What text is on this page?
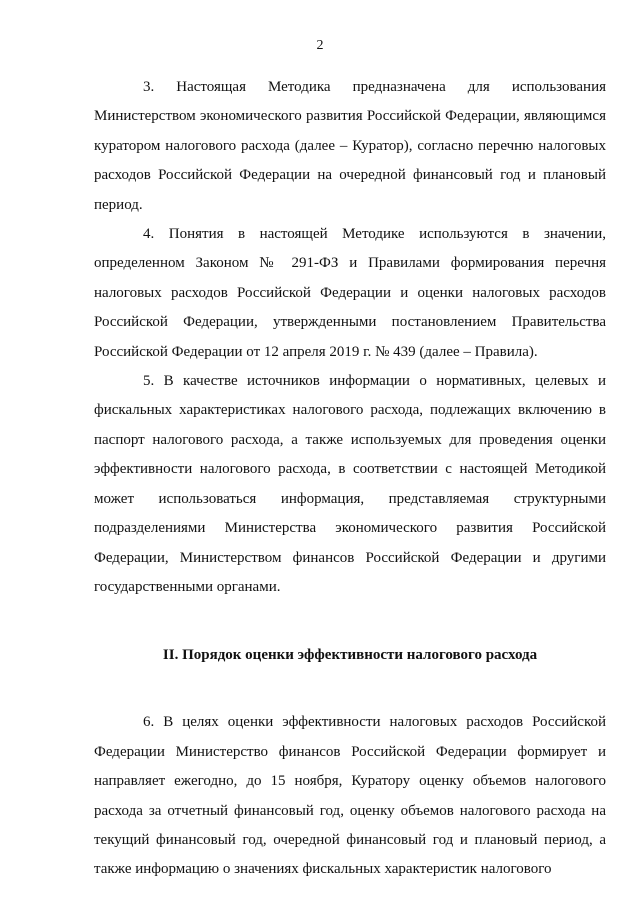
2

3. Настоящая Методика предназначена для использования Министерством экономического развития Российской Федерации, являющимся куратором налогового расхода (далее – Куратор), согласно перечню налоговых расходов Российской Федерации на очередной финансовый год и плановый период.

4. Понятия в настоящей Методике используются в значении, определенном Законом № 291-ФЗ и Правилами формирования перечня налоговых расходов Российской Федерации и оценки налоговых расходов Российской Федерации, утвержденными постановлением Правительства Российской Федерации от 12 апреля 2019 г. № 439 (далее – Правила).

5. В качестве источников информации о нормативных, целевых и фискальных характеристиках налогового расхода, подлежащих включению в паспорт налогового расхода, а также используемых для проведения оценки эффективности налогового расхода, в соответствии с настоящей Методикой может использоваться информация, представляемая структурными подразделениями Министерства экономического развития Российской Федерации, Министерством финансов Российской Федерации и другими государственными органами.

II. Порядок оценки эффективности налогового расхода

6. В целях оценки эффективности налоговых расходов Российской Федерации Министерство финансов Российской Федерации формирует и направляет ежегодно, до 15 ноября, Куратору оценку объемов налогового расхода за отчетный финансовый год, оценку объемов налогового расхода на текущий финансовый год, очередной финансовый год и плановый период, а также информацию о значениях фискальных характеристик налогового
